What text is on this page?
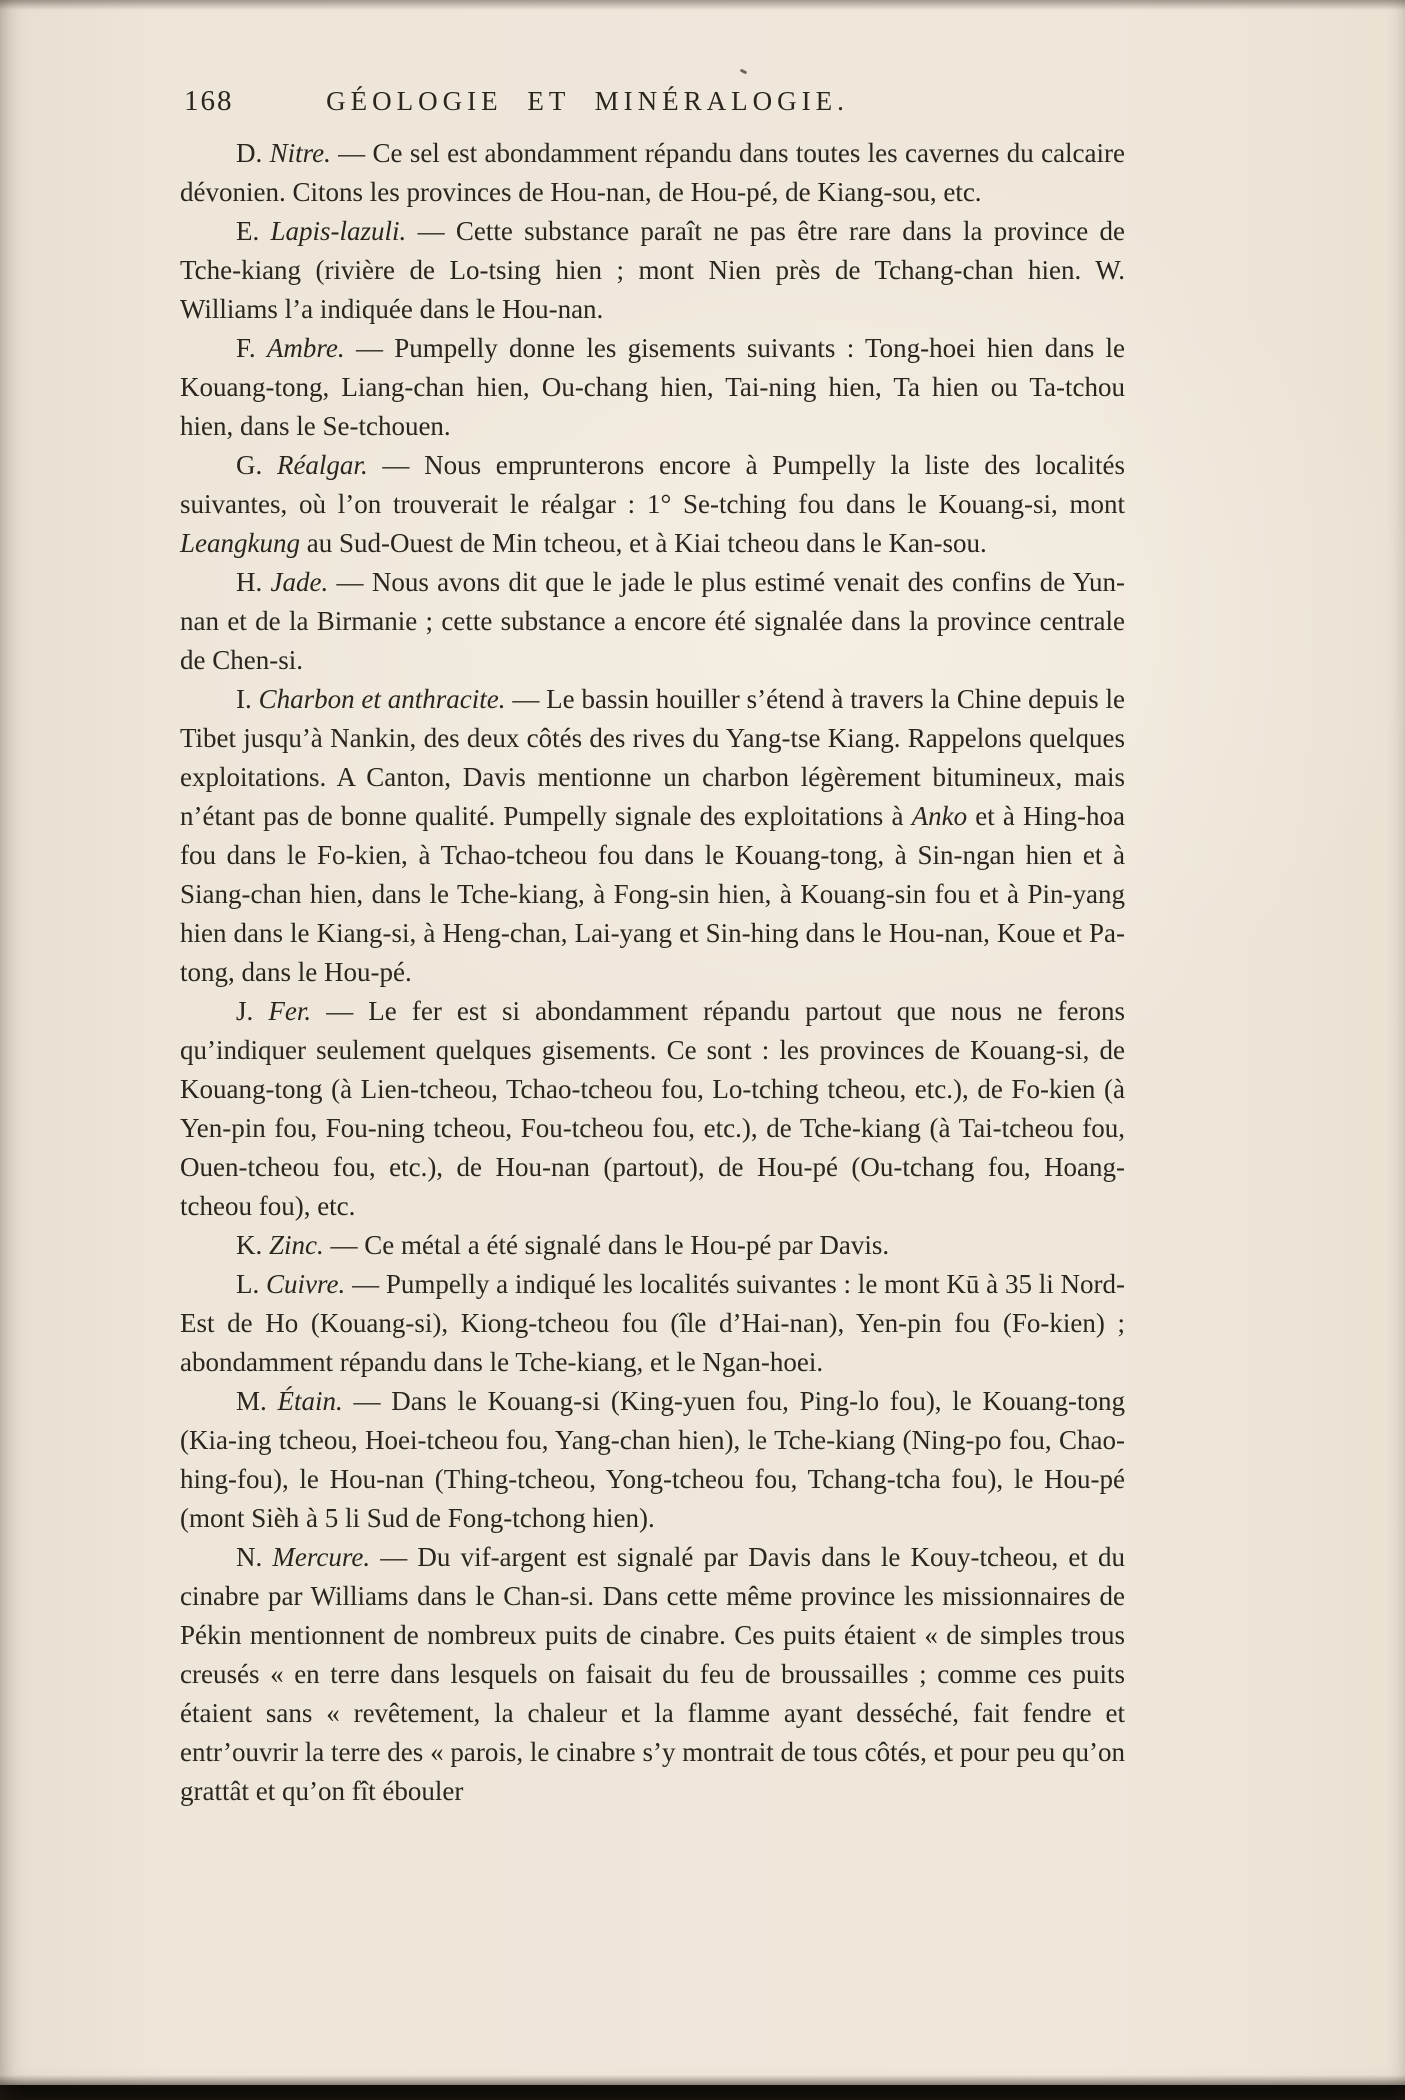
168	GÉOLOGIE ET MINÉRALOGIE.

D. Nitre. — Ce sel est abondamment répandu dans toutes les cavernes du calcaire dévonien. Citons les provinces de Hou-nan, de Hou-pé, de Kiang-sou, etc.

E. Lapis-lazuli. — Cette substance paraît ne pas être rare dans la province de Tche-kiang (rivière de Lo-tsing hien ; mont Nien près de Tchang-chan hien. W. Williams l’a indiquée dans le Hou-nan.

F. Ambre. — Pumpelly donne les gisements suivants : Tong-hoei hien dans le Kouang-tong, Liang-chan hien, Ou-chang hien, Tai-ning hien, Ta hien ou Ta-tchou hien, dans le Se-tchouen.

G. Réalgar. — Nous emprunterons encore à Pumpelly la liste des localités suivantes, où l’on trouverait le réalgar : 1° Se-tching fou dans le Kouang-si, mont Leangkung au Sud-Ouest de Min tcheou, et à Kiai tcheou dans le Kan-sou.

H. Jade. — Nous avons dit que le jade le plus estimé venait des confins de Yun-nan et de la Birmanie ; cette substance a encore été signalée dans la province centrale de Chen-si.

I. Charbon et anthracite. — Le bassin houiller s’étend à travers la Chine depuis le Tibet jusqu’à Nankin, des deux côtés des rives du Yang-tse Kiang. Rappelons quelques exploitations. A Canton, Davis mentionne un charbon légèrement bitumineux, mais n’étant pas de bonne qualité. Pumpelly signale des exploitations à Anko et à Hing-hoa fou dans le Fo-kien, à Tchao-tcheou fou dans le Kouang-tong, à Sin-ngan hien et à Siang-chan hien, dans le Tche-kiang, à Fong-sin hien, à Kouang-sin fou et à Pin-yang hien dans le Kiang-si, à Heng-chan, Lai-yang et Sin-hing dans le Hou-nan, Koue et Pa-tong, dans le Hou-pé.

J. Fer. — Le fer est si abondamment répandu partout que nous ne ferons qu’indiquer seulement quelques gisements. Ce sont : les provinces de Kouang-si, de Kouang-tong (à Lien-tcheou, Tchao-tcheou fou, Lo-tching tcheou, etc.), de Fo-kien (à Yen-pin fou, Fou-ning tcheou, Fou-tcheou fou, etc.), de Tche-kiang (à Tai-tcheou fou, Ouen-tcheou fou, etc.), de Hou-nan (partout), de Hou-pé (Ou-tchang fou, Hoang-tcheou fou), etc.

K. Zinc. — Ce métal a été signalé dans le Hou-pé par Davis.

L. Cuivre. — Pumpelly a indiqué les localités suivantes : le mont Kū à 35 li Nord-Est de Ho (Kouang-si), Kiong-tcheou fou (île d’Hai-nan), Yen-pin fou (Fo-kien) ; abondamment répandu dans le Tche-kiang, et le Ngan-hoei.

M. Étain. — Dans le Kouang-si (King-yuen fou, Ping-lo fou), le Kouang-tong (Kia-ing tcheou, Hoei-tcheou fou, Yang-chan hien), le Tche-kiang (Ning-po fou, Chao-hing-fou), le Hou-nan (Thing-tcheou, Yong-tcheou fou, Tchang-tcha fou), le Hou-pé (mont Sièh à 5 li Sud de Fong-tchong hien).

N. Mercure. — Du vif-argent est signalé par Davis dans le Kouy-tcheou, et du cinabre par Williams dans le Chan-si. Dans cette même province les missionnaires de Pékin mentionnent de nombreux puits de cinabre. Ces puits étaient « de simples trous creusés « en terre dans lesquels on faisait du feu de broussailles ; comme ces puits étaient sans « revêtement, la chaleur et la flamme ayant desséché, fait fendre et entr’ouvrir la terre des « parois, le cinabre s’y montrait de tous côtés, et pour peu qu’on grattât et qu’on fît ébouler
